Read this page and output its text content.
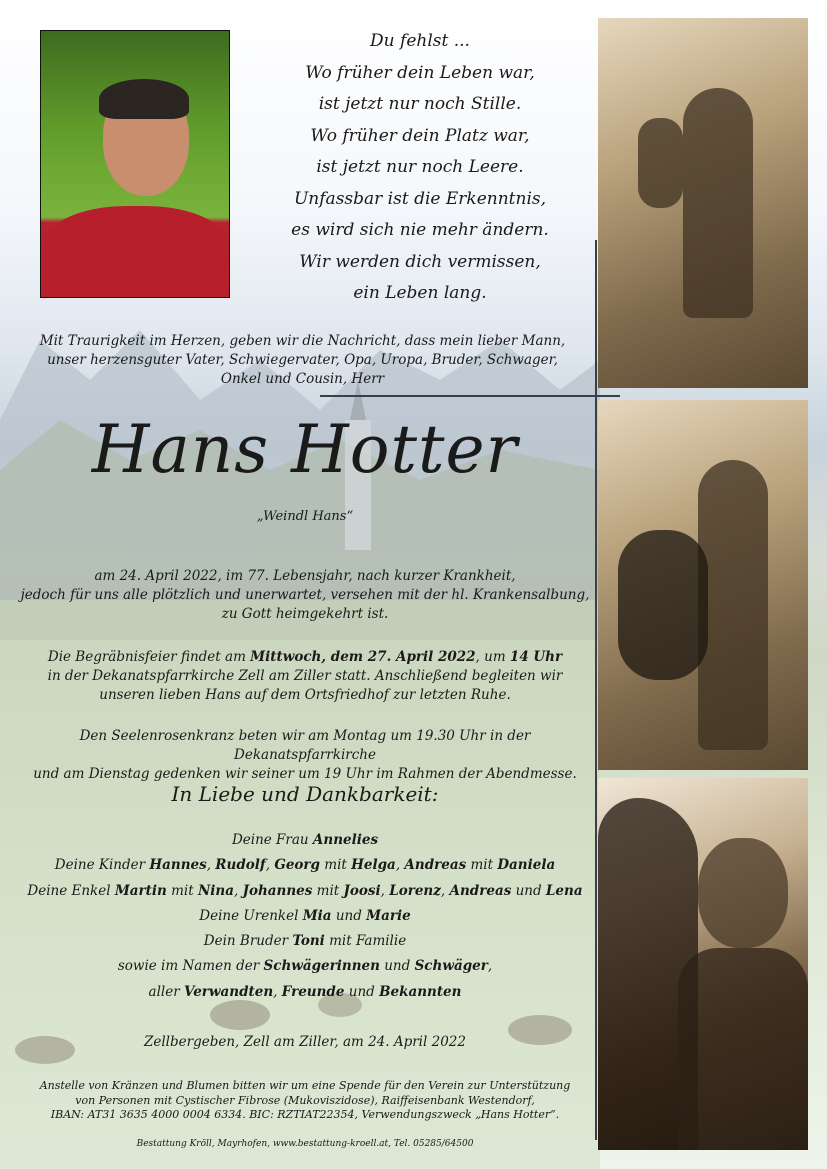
Du fehlst ...
Wo früher dein Leben war,
ist jetzt nur noch Stille.
Wo früher dein Platz war,
ist jetzt nur noch Leere.
Unfassbar ist die Erkenntnis,
es wird sich nie mehr ändern.
Wir werden dich vermissen,
ein Leben lang.
Mit Traurigkeit im Herzen, geben wir die Nachricht, dass mein lieber Mann,
unser herzensguter Vater, Schwiegervater, Opa, Uropa, Bruder, Schwager,
Onkel und Cousin, Herr
Hans Hotter
„Weindl Hans“
am 24. April 2022, im 77. Lebensjahr, nach kurzer Krankheit,
jedoch für uns alle plötzlich und unerwartet, versehen mit der hl. Krankensalbung,
zu Gott heimgekehrt ist.
Die Begräbnisfeier findet am Mittwoch, dem 27. April 2022, um 14 Uhr
in der Dekanatspfarrkirche Zell am Ziller statt. Anschließend begleiten wir
unseren lieben Hans auf dem Ortsfriedhof zur letzten Ruhe.
Den Seelenrosenkranz beten wir am Montag um 19.30 Uhr in der Dekanatspfarrkirche
und am Dienstag gedenken wir seiner um 19 Uhr im Rahmen der Abendmesse.
In Liebe und Dankbarkeit:
Deine Frau Annelies
Deine Kinder Hannes, Rudolf, Georg mit Helga, Andreas mit Daniela
Deine Enkel Martin mit Nina, Johannes mit Joosi, Lorenz, Andreas und Lena
Deine Urenkel Mia und Marie
Dein Bruder Toni mit Familie
sowie im Namen der Schwägerinnen und Schwäger,
aller Verwandten, Freunde und Bekannten
Zellbergeben, Zell am Ziller, am 24. April 2022
Anstelle von Kränzen und Blumen bitten wir um eine Spende für den Verein zur Unterstützung
von Personen mit Cystischer Fibrose (Mukoviszidose), Raiffeisenbank Westendorf,
IBAN: AT31 3635 4000 0004 6334. BIC: RZTIAT22354, Verwendungszweck „Hans Hotter“.
Bestattung Kröll, Mayrhofen, www.bestattung-kroell.at, Tel. 05285/64500
